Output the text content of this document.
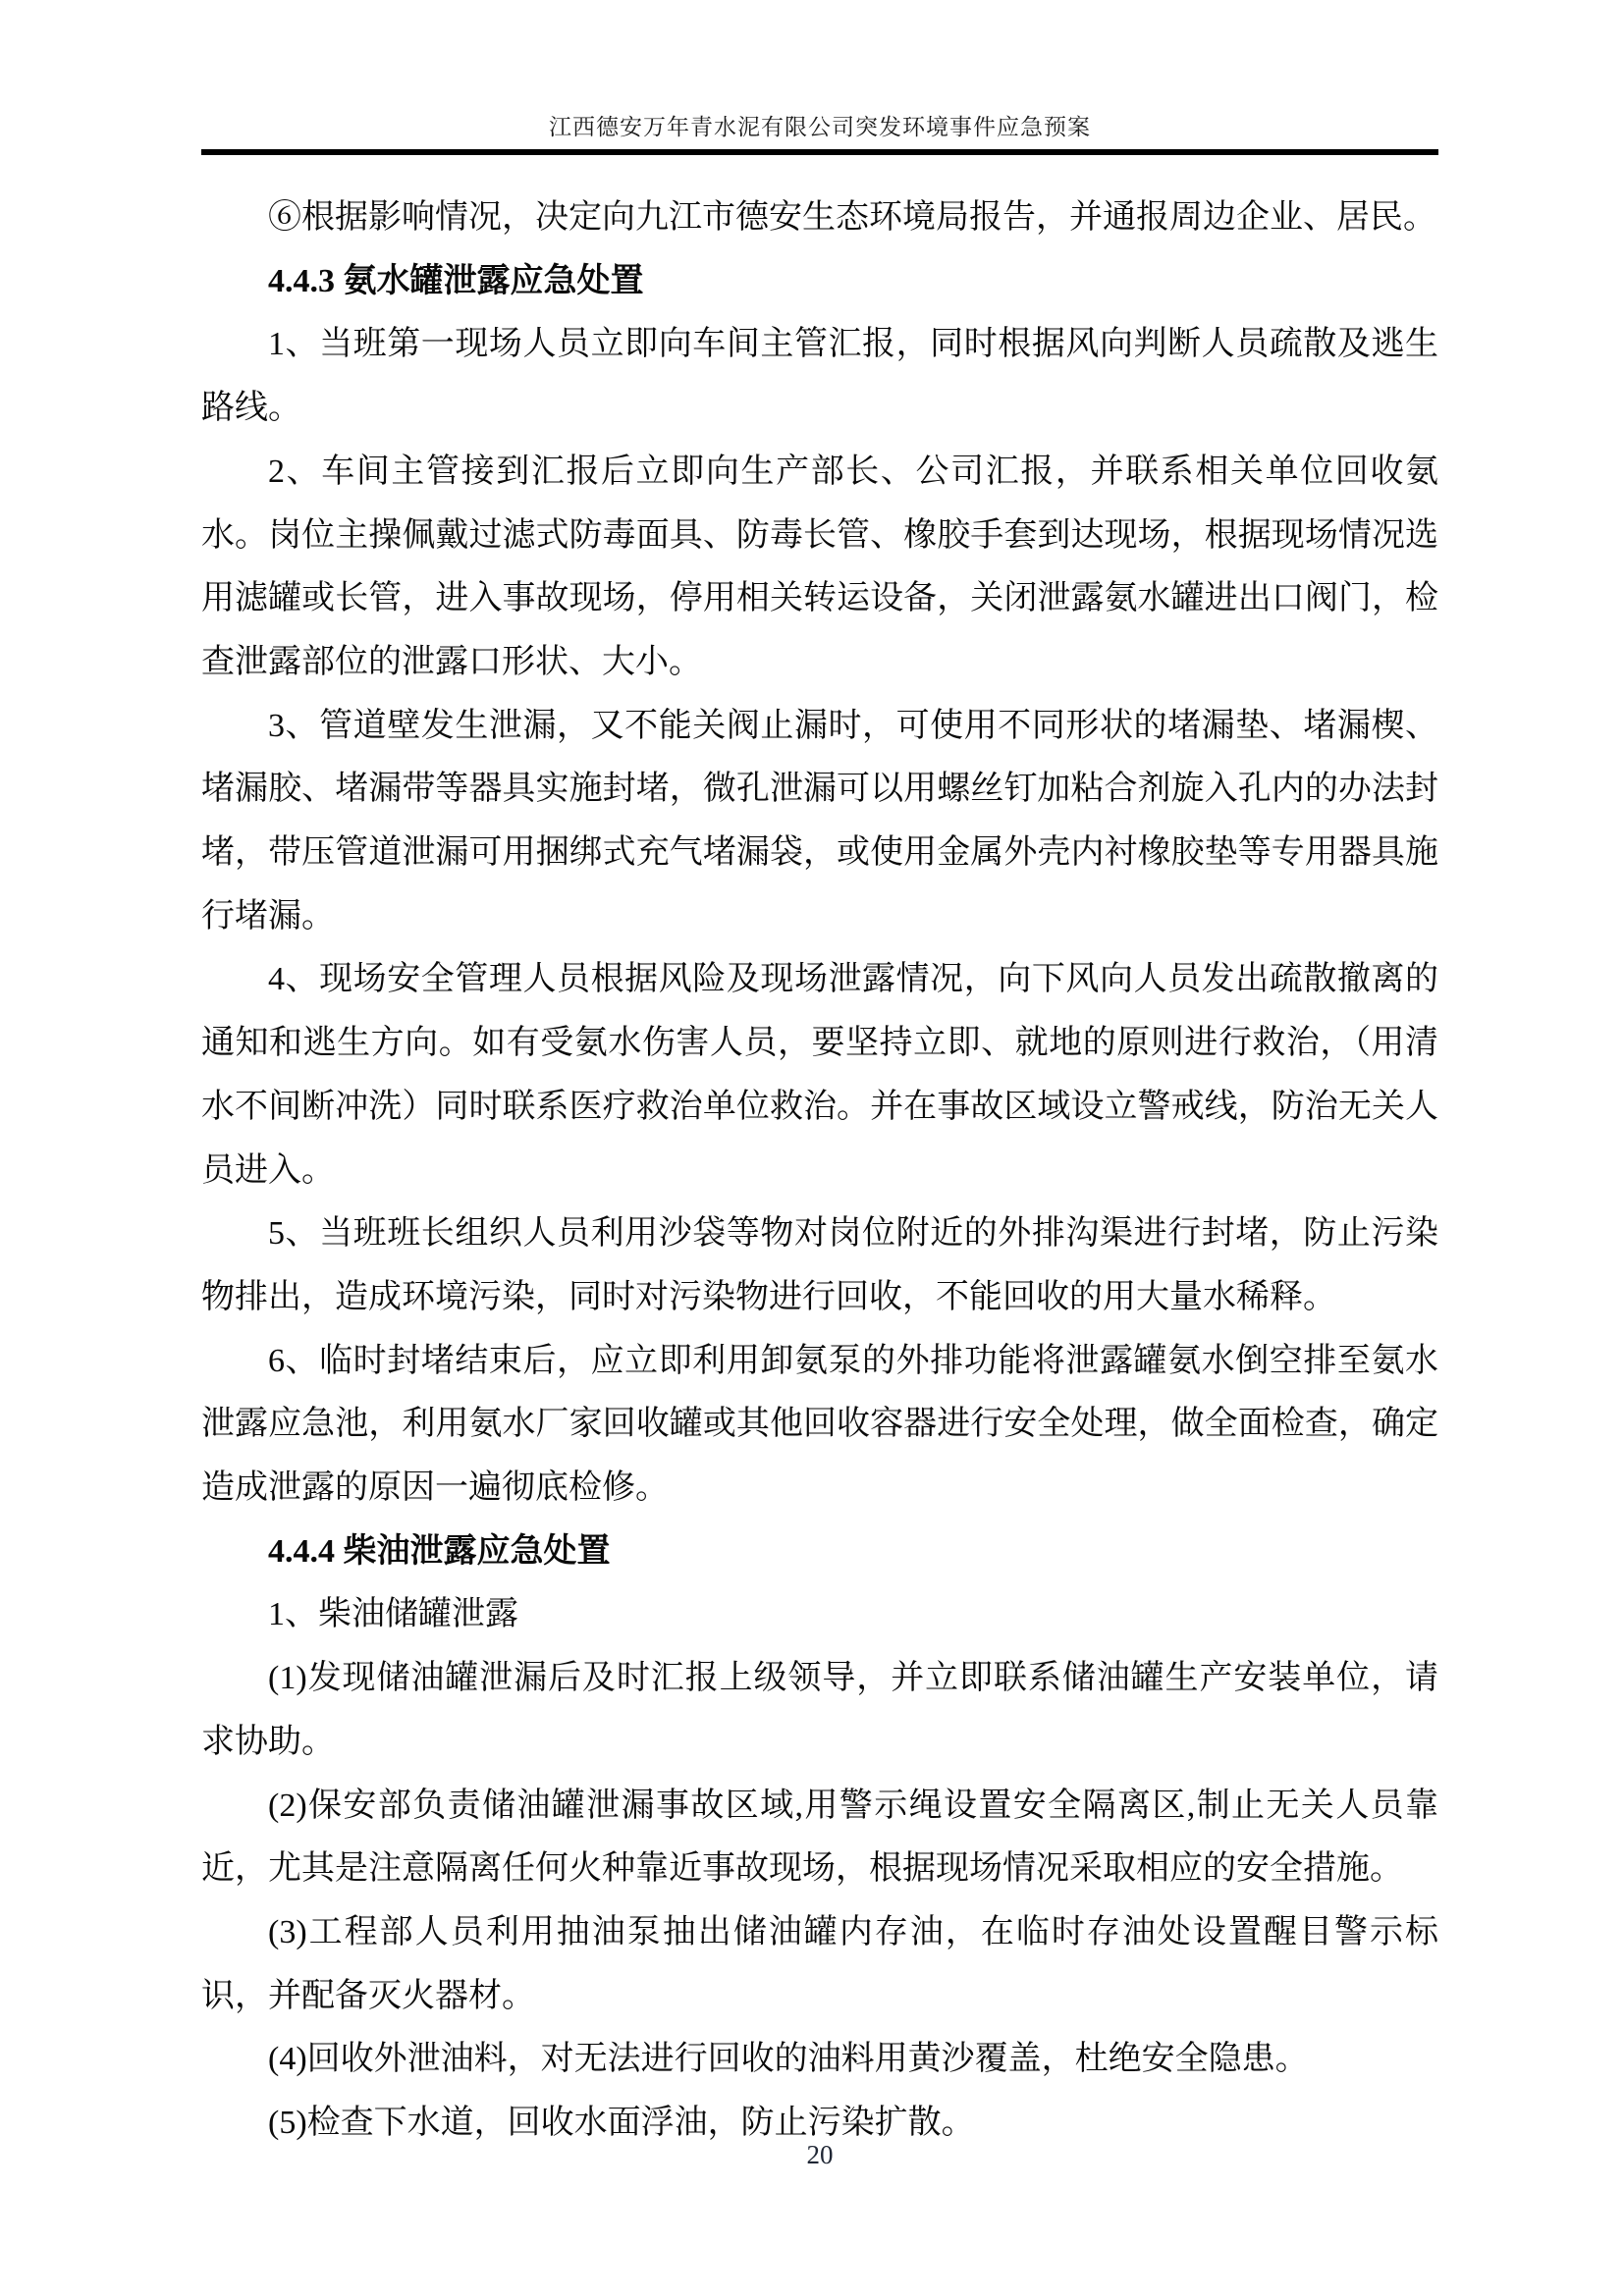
江西德安万年青水泥有限公司突发环境事件应急预案

⑥根据影响情况，决定向九江市德安生态环境局报告，并通报周边企业、居民。

4.4.3 氨水罐泄露应急处置

1、当班第一现场人员立即向车间主管汇报，同时根据风向判断人员疏散及逃生路线。

2、车间主管接到汇报后立即向生产部长、公司汇报，并联系相关单位回收氨水。岗位主操佩戴过滤式防毒面具、防毒长管、橡胶手套到达现场，根据现场情况选用滤罐或长管，进入事故现场，停用相关转运设备，关闭泄露氨水罐进出口阀门，检查泄露部位的泄露口形状、大小。

3、管道壁发生泄漏，又不能关阀止漏时，可使用不同形状的堵漏垫、堵漏楔、堵漏胶、堵漏带等器具实施封堵，微孔泄漏可以用螺丝钉加粘合剂旋入孔内的办法封堵，带压管道泄漏可用捆绑式充气堵漏袋，或使用金属外壳内衬橡胶垫等专用器具施行堵漏。

4、现场安全管理人员根据风险及现场泄露情况，向下风向人员发出疏散撤离的通知和逃生方向。如有受氨水伤害人员，要坚持立即、就地的原则进行救治，（用清水不间断冲洗）同时联系医疗救治单位救治。并在事故区域设立警戒线，防治无关人员进入。

5、当班班长组织人员利用沙袋等物对岗位附近的外排沟渠进行封堵，防止污染物排出，造成环境污染，同时对污染物进行回收，不能回收的用大量水稀释。

6、临时封堵结束后，应立即利用卸氨泵的外排功能将泄露罐氨水倒空排至氨水泄露应急池，利用氨水厂家回收罐或其他回收容器进行安全处理，做全面检查，确定造成泄露的原因一遍彻底检修。

4.4.4 柴油泄露应急处置

1、柴油储罐泄露

(1)发现储油罐泄漏后及时汇报上级领导，并立即联系储油罐生产安装单位，请求协助。

(2)保安部负责储油罐泄漏事故区域,用警示绳设置安全隔离区,制止无关人员靠近，尤其是注意隔离任何火种靠近事故现场，根据现场情况采取相应的安全措施。

(3)工程部人员利用抽油泵抽出储油罐内存油，在临时存油处设置醒目警示标识，并配备灭火器材。

(4)回收外泄油料，对无法进行回收的油料用黄沙覆盖，杜绝安全隐患。

(5)检查下水道，回收水面浮油，防止污染扩散。

20
